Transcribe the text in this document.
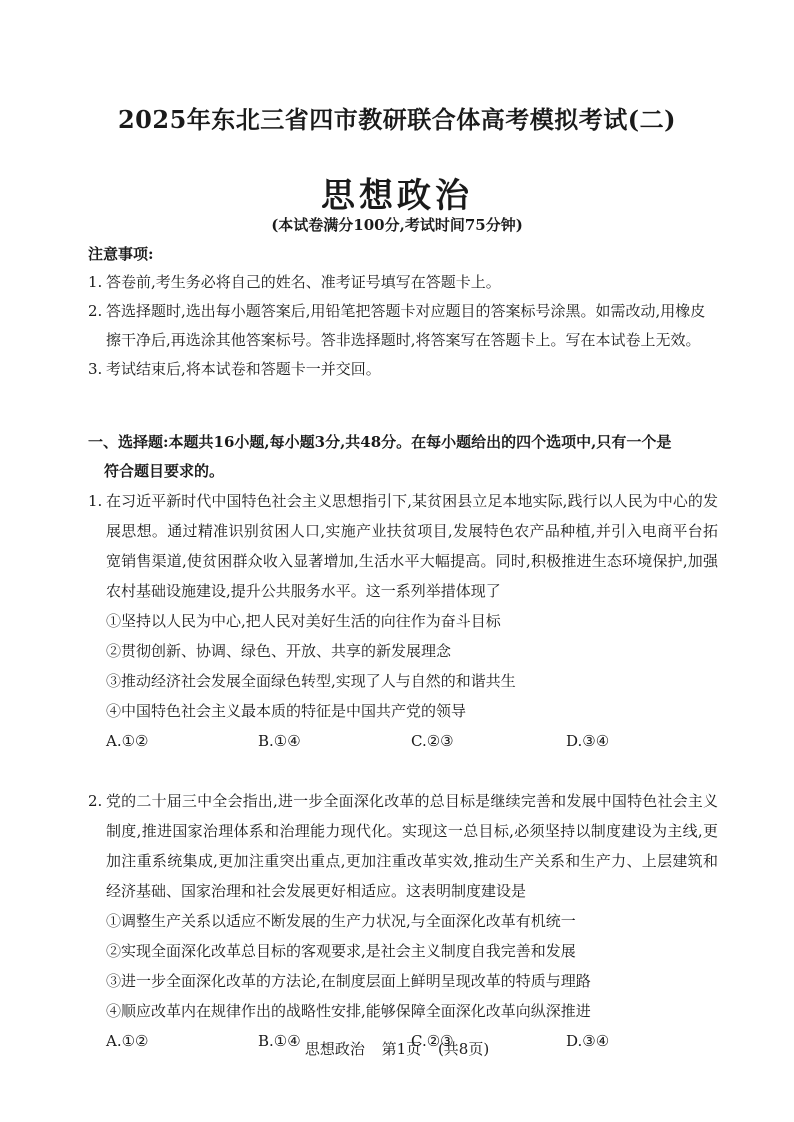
2025年东北三省四市教研联合体高考模拟考试(二)
思想政治
(本试卷满分100分,考试时间75分钟)
注意事项:
1. 答卷前,考生务必将自己的姓名、准考证号填写在答题卡上。
2. 答选择题时,选出每小题答案后,用铅笔把答题卡对应题目的答案标号涂黑。如需改动,用橡皮擦干净后,再选涂其他答案标号。答非选择题时,将答案写在答题卡上。写在本试卷上无效。
3. 考试结束后,将本试卷和答题卡一并交回。
一、 选择题:本题共16小题,每小题3分,共48分。在每小题给出的四个选项中,只有一个是
符合题目要求的。
1. 在习近平新时代中国特色社会主义思想指引下,某贫困县立足本地实际,践行以人民为中心的发展思想。通过精准识别贫困人口,实施产业扶贫项目,发展特色农产品种植,并引入电商平台拓宽销售渠道,使贫困群众收入显著增加,生活水平大幅提高。同时,积极推进生态环境保护,加强农村基础设施建设,提升公共服务水平。这一系列举措体现了
①坚持以人民为中心,把人民对美好生活的向往作为奋斗目标
②贯彻创新、协调、绿色、开放、共享的新发展理念
③推动经济社会发展全面绿色转型,实现了人与自然的和谐共生
④中国特色社会主义最本质的特征是中国共产党的领导
A.①②	B.①④	C.②③	D.③④
2. 党的二十届三中全会指出,进一步全面深化改革的总目标是继续完善和发展中国特色社会主义制度,推进国家治理体系和治理能力现代化。实现这一总目标,必须坚持以制度建设为主线,更加注重系统集成,更加注重突出重点,更加注重改革实效,推动生产关系和生产力、上层建筑和经济基础、国家治理和社会发展更好相适应。这表明制度建设是
①调整生产关系以适应不断发展的生产力状况,与全面深化改革有机统一
②实现全面深化改革总目标的客观要求,是社会主义制度自我完善和发展
③进一步全面深化改革的方法论,在制度层面上鲜明呈现改革的特质与理路
④顺应改革内在规律作出的战略性安排,能够保障全面深化改革向纵深推进
A.①②	B.①④	C.②③	D.③④
思想政治 第1页 (共8页)
